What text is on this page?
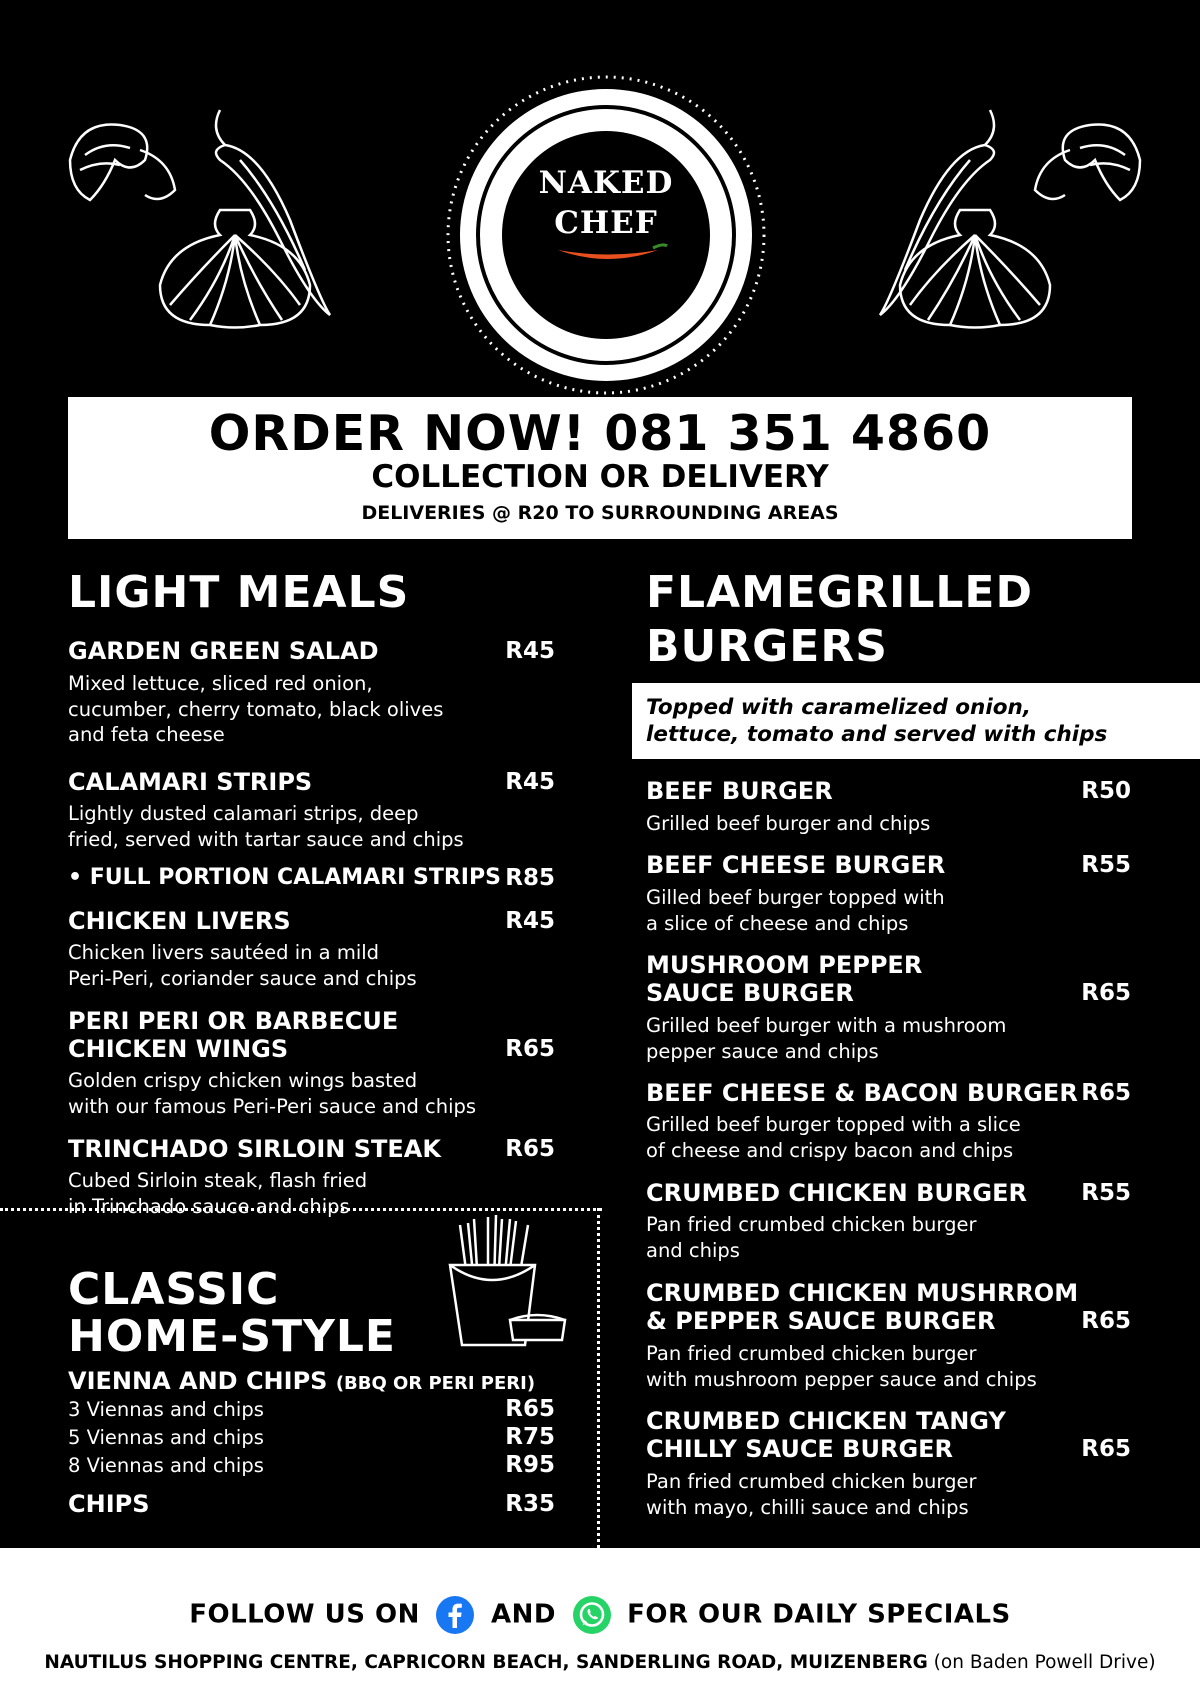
NAKED
CHEF
ORDER NOW! 081 351 4860
COLLECTION OR DELIVERY
DELIVERIES @ R20 TO SURROUNDING AREAS
LIGHT MEALS
GARDEN GREEN SALAD	R45
Mixed lettuce, sliced red onion,
cucumber, cherry tomato, black olives
and feta cheese
CALAMARI STRIPS	R45
Lightly dusted calamari strips, deep
fried, served with tartar sauce and chips
• FULL PORTION CALAMARI STRIPS R85
CHICKEN LIVERS	R45
Chicken livers sautéed in a mild
Peri-Peri, coriander sauce and chips
PERI PERI OR BARBECUE
CHICKEN WINGS	R65
Golden crispy chicken wings basted
with our famous Peri-Peri sauce and chips
TRINCHADO SIRLOIN STEAK	R65
Cubed Sirloin steak, flash fried
in Trinchado sauce and chips
CLASSIC
HOME-STYLE
VIENNA AND CHIPS (BBQ OR PERI PERI)
3 Viennas and chips	R65
5 Viennas and chips	R75
8 Viennas and chips	R95
CHIPS	R35
FLAMEGRILLED
BURGERS
Topped with caramelized onion,
lettuce, tomato and served with chips
BEEF BURGER	R50
Grilled beef burger and chips
BEEF CHEESE BURGER	R55
Gilled beef burger topped with
a slice of cheese and chips
MUSHROOM PEPPER
SAUCE BURGER	R65
Grilled beef burger with a mushroom
pepper sauce and chips
BEEF CHEESE & BACON BURGER R65
Grilled beef burger topped with a slice
of cheese and crispy bacon and chips
CRUMBED CHICKEN BURGER	R55
Pan fried crumbed chicken burger
and chips
CRUMBED CHICKEN MUSHRROM
& PEPPER SAUCE BURGER	R65
Pan fried crumbed chicken burger
with mushroom pepper sauce and chips
CRUMBED CHICKEN TANGY
CHILLY SAUCE BURGER	R65
Pan fried crumbed chicken burger
with mayo, chilli sauce and chips
FOLLOW US ON	AND	FOR OUR DAILY SPECIALS
NAUTILUS SHOPPING CENTRE, CAPRICORN BEACH, SANDERLING ROAD, MUIZENBERG (on Baden Powell Drive)
